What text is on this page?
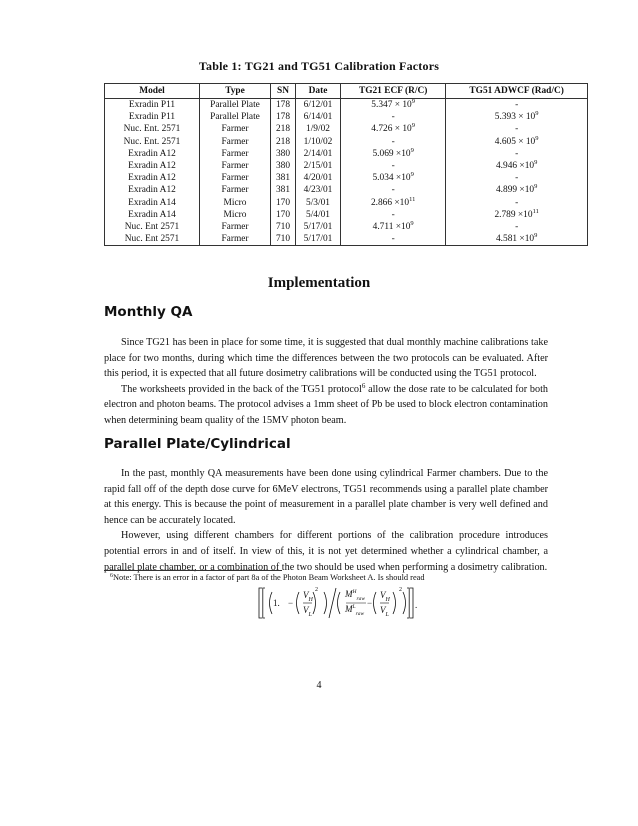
Table 1: TG21 and TG51 Calibration Factors
Model	Type	SN	Date	TG21 ECF (R/C)	TG51 ADWCF (Rad/C)
Exradin P11	Parallel Plate	178	6/12/01	$5.347 \times 10^9$	-
Exradin P11	Parallel Plate	178	6/14/01	-	$5.393 \times 10^9$
Nuc. Ent. 2571	Farmer	218	1/9/02	$4.726 \times 10^9$	-
Nuc. Ent. 2571	Farmer	218	1/10/02	-	$4.605 \times 10^9$
Exradin A12	Farmer	380	2/14/01	$5.069 \times 10^9$	-
Exradin A12	Farmer	380	2/15/01	-	$4.946 \times 10^9$
Exradin A12	Farmer	381	4/20/01	$5.034 \times 10^9$	-
Exradin A12	Farmer	381	4/23/01	-	$4.899 \times 10^9$
Exradin A14	Micro	170	5/3/01	$2.866 \times 10^{11}$	-
Exradin A14	Micro	170	5/4/01	-	$2.789 \times 10^{11}$
Nuc. Ent 2571	Farmer	710	5/17/01	$4.711 \times 10^9$	-
Nuc. Ent 2571	Farmer	710	5/17/01	-	$4.581 \times 10^9$
Implementation
Monthly QA

Since TG21 has been in place for some time, it is suggested that dual monthly machine calibrations take place for two months, during which time the differences between the two protocols can be evaluated. After this period, it is expected that all future dosimetry calibrations will be conducted using the TG51 protocol.

The worksheets provided in the back of the TG51 protocol$^6$ allow the dose rate to be calculated for both electron and photon beams. The protocol advises a 1mm sheet of Pb be used to block electron contamination when determining beam quality of the 15MV photon beam.

Parallel Plate/Cylindrical

In the past, monthly QA measurements have been done using cylindrical Farmer chambers. Due to the rapid fall off of the depth dose curve for 6MeV electrons, TG51 recommends using a parallel plate chamber at this energy. This is because the point of measurement in a parallel plate chamber is very well defined and hence can be accurately located.

However, using different chambers for different portions of the calibration procedure introduces potential errors in and of itself. In view of this, it is not yet determined whether a cylindrical chamber, a parallel plate chamber, or a combination of the two should be used when performing a dosimetry calibration.

$^6$Note: There is an error in a factor of part 8a of the Photon Beam Worksheet A. Is should read
1. −
$V_H$
$V_L$
2	$M^H_{raw}$
$M^L_{raw}$
−
$V_H$
$V_L$
2
.
4
